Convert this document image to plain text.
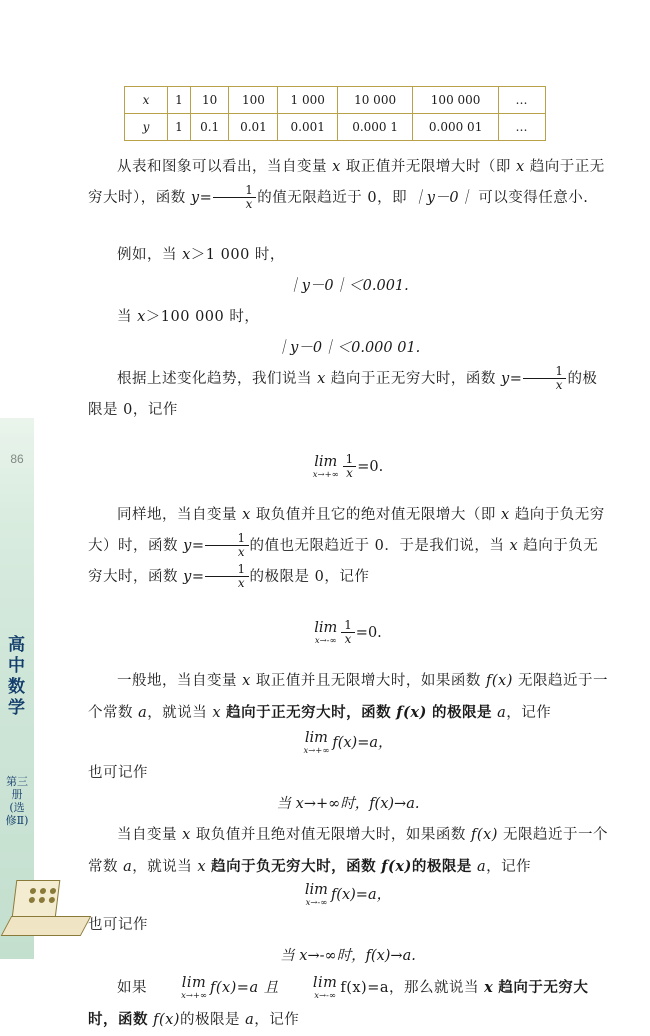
86
高中数学
第三册(选修Ⅱ)
x	1	10	100	1 000	10 000	100 000	…
y	1	0.1	0.01	0.001	0.000 1	0.000 01	…

从表和图象可以看出，当自变量 x 取正值并无限增大时（即 x 趋向于正无穷大时），函数 $y= \frac{1}{x}$ 的值无限趋近于 0，即 ｜y－0｜ 可以变得任意小.

例如，当 x＞1 000 时，

｜y－0｜＜0.001.

当 x＞100 000 时，

｜y－0｜＜0.000 01.

根据上述变化趋势，我们说当 x 趋向于正无穷大时，函数 $y= \frac{1}{x}$ 的极限是 0，记作

lim
$x\to+\infty \frac{1}{x} =0$.

同样地，当自变量 x 取负值并且它的绝对值无限增大（即 x 趋向于负无穷大）时，函数 $y= \frac{1}{x}$ 的值也无限趋近于 0．于是我们说，当 x 趋向于负无穷大时，函数 $y= \frac{1}{x}$ 的极限是 0，记作

lim
$x\to-\infty \frac{1}{x} =0$.

一般地，当自变量 x 取正值并且无限增大时，如果函数 f(x) 无限趋近于一个常数 a，就说当 x 趋向于正无穷大时，函数 f(x) 的极限是 a，记作

lim
x→+∞ f(x)=a，

也可记作

当 x→+∞时，f(x)→a.

当自变量 x 取负值并且绝对值无限增大时，如果函数 f(x) 无限趋近于一个常数 a，就说当 x 趋向于负无穷大时，函数 f(x)的极限是 a，记作

lim
x→-∞ f(x)=a，

也可记作

当 x→-∞时，f(x)→a.

如果	lim
x→+∞ f(x)=a 且	lim
x→-∞ f(x)=a，那么就说当 x 趋向于无穷大时，函数 f(x)的极限是 a，记作
